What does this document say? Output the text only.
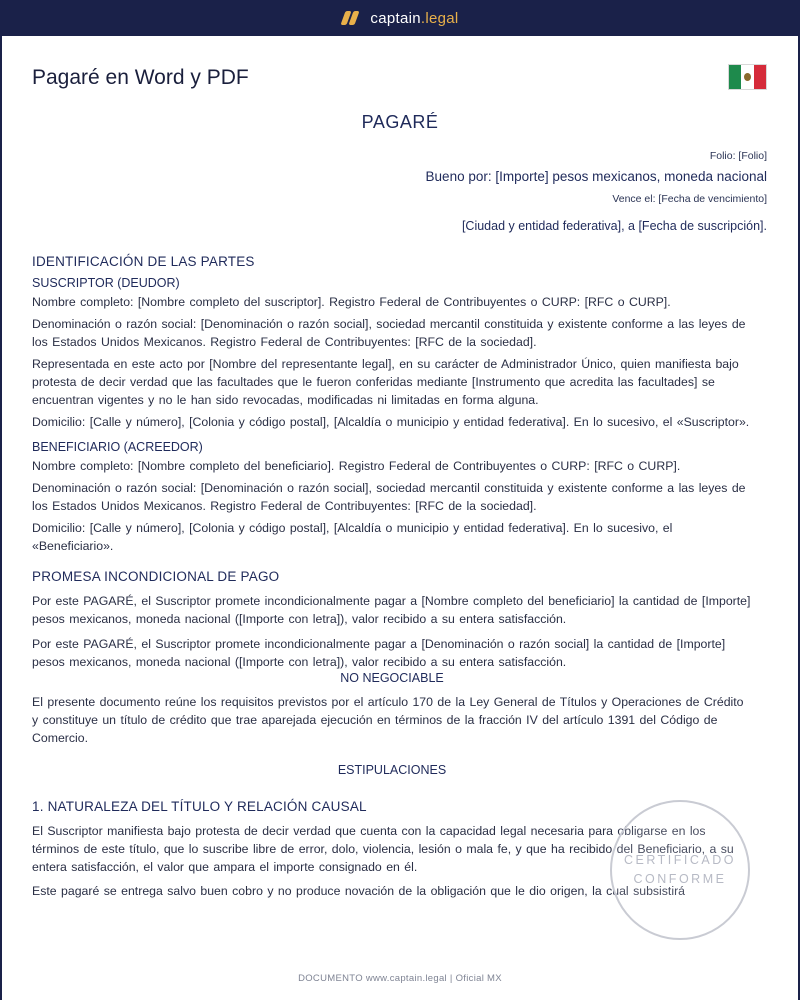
captain.legal
Pagaré en Word y PDF
PAGARÉ
Folio: [Folio]
Bueno por: [Importe] pesos mexicanos, moneda nacional
Vence el: [Fecha de vencimiento]
[Ciudad y entidad federativa], a [Fecha de suscripción].
IDENTIFICACIÓN DE LAS PARTES
SUSCRIPTOR (DEUDOR)
Nombre completo: [Nombre completo del suscriptor]. Registro Federal de Contribuyentes o CURP: [RFC o CURP].
Denominación o razón social: [Denominación o razón social], sociedad mercantil constituida y existente conforme a las leyes de los Estados Unidos Mexicanos. Registro Federal de Contribuyentes: [RFC de la sociedad].
Representada en este acto por [Nombre del representante legal], en su carácter de Administrador Único, quien manifiesta bajo protesta de decir verdad que las facultades que le fueron conferidas mediante [Instrumento que acredita las facultades] se encuentran vigentes y no le han sido revocadas, modificadas ni limitadas en forma alguna.
Domicilio: [Calle y número], [Colonia y código postal], [Alcaldía o municipio y entidad federativa]. En lo sucesivo, el «Suscriptor».
BENEFICIARIO (ACREEDOR)
Nombre completo: [Nombre completo del beneficiario]. Registro Federal de Contribuyentes o CURP: [RFC o CURP].
Denominación o razón social: [Denominación o razón social], sociedad mercantil constituida y existente conforme a las leyes de los Estados Unidos Mexicanos. Registro Federal de Contribuyentes: [RFC de la sociedad].
Domicilio: [Calle y número], [Colonia y código postal], [Alcaldía o municipio y entidad federativa]. En lo sucesivo, el «Beneficiario».
PROMESA INCONDICIONAL DE PAGO
Por este PAGARÉ, el Suscriptor promete incondicionalmente pagar a [Nombre completo del beneficiario] la cantidad de [Importe] pesos mexicanos, moneda nacional ([Importe con letra]), valor recibido a su entera satisfacción.
Por este PAGARÉ, el Suscriptor promete incondicionalmente pagar a [Denominación o razón social] la cantidad de [Importe] pesos mexicanos, moneda nacional ([Importe con letra]), valor recibido a su entera satisfacción.
NO NEGOCIABLE
El presente documento reúne los requisitos previstos por el artículo 170 de la Ley General de Títulos y Operaciones de Crédito y constituye un título de crédito que trae aparejada ejecución en términos de la fracción IV del artículo 1391 del Código de Comercio.
ESTIPULACIONES
1. NATURALEZA DEL TÍTULO Y RELACIÓN CAUSAL
El Suscriptor manifiesta bajo protesta de decir verdad que cuenta con la capacidad legal necesaria para obligarse en los términos de este título, que lo suscribe libre de error, dolo, violencia, lesión o mala fe, y que ha recibido del Beneficiario, a su entera satisfacción, el valor que ampara el importe consignado en él.
Este pagaré se entrega salvo buen cobro y no produce novación de la obligación que le dio origen, la cual subsistirá
CERTIFICADO
CONFORME
DOCUMENTO www.captain.legal | Oficial MX
